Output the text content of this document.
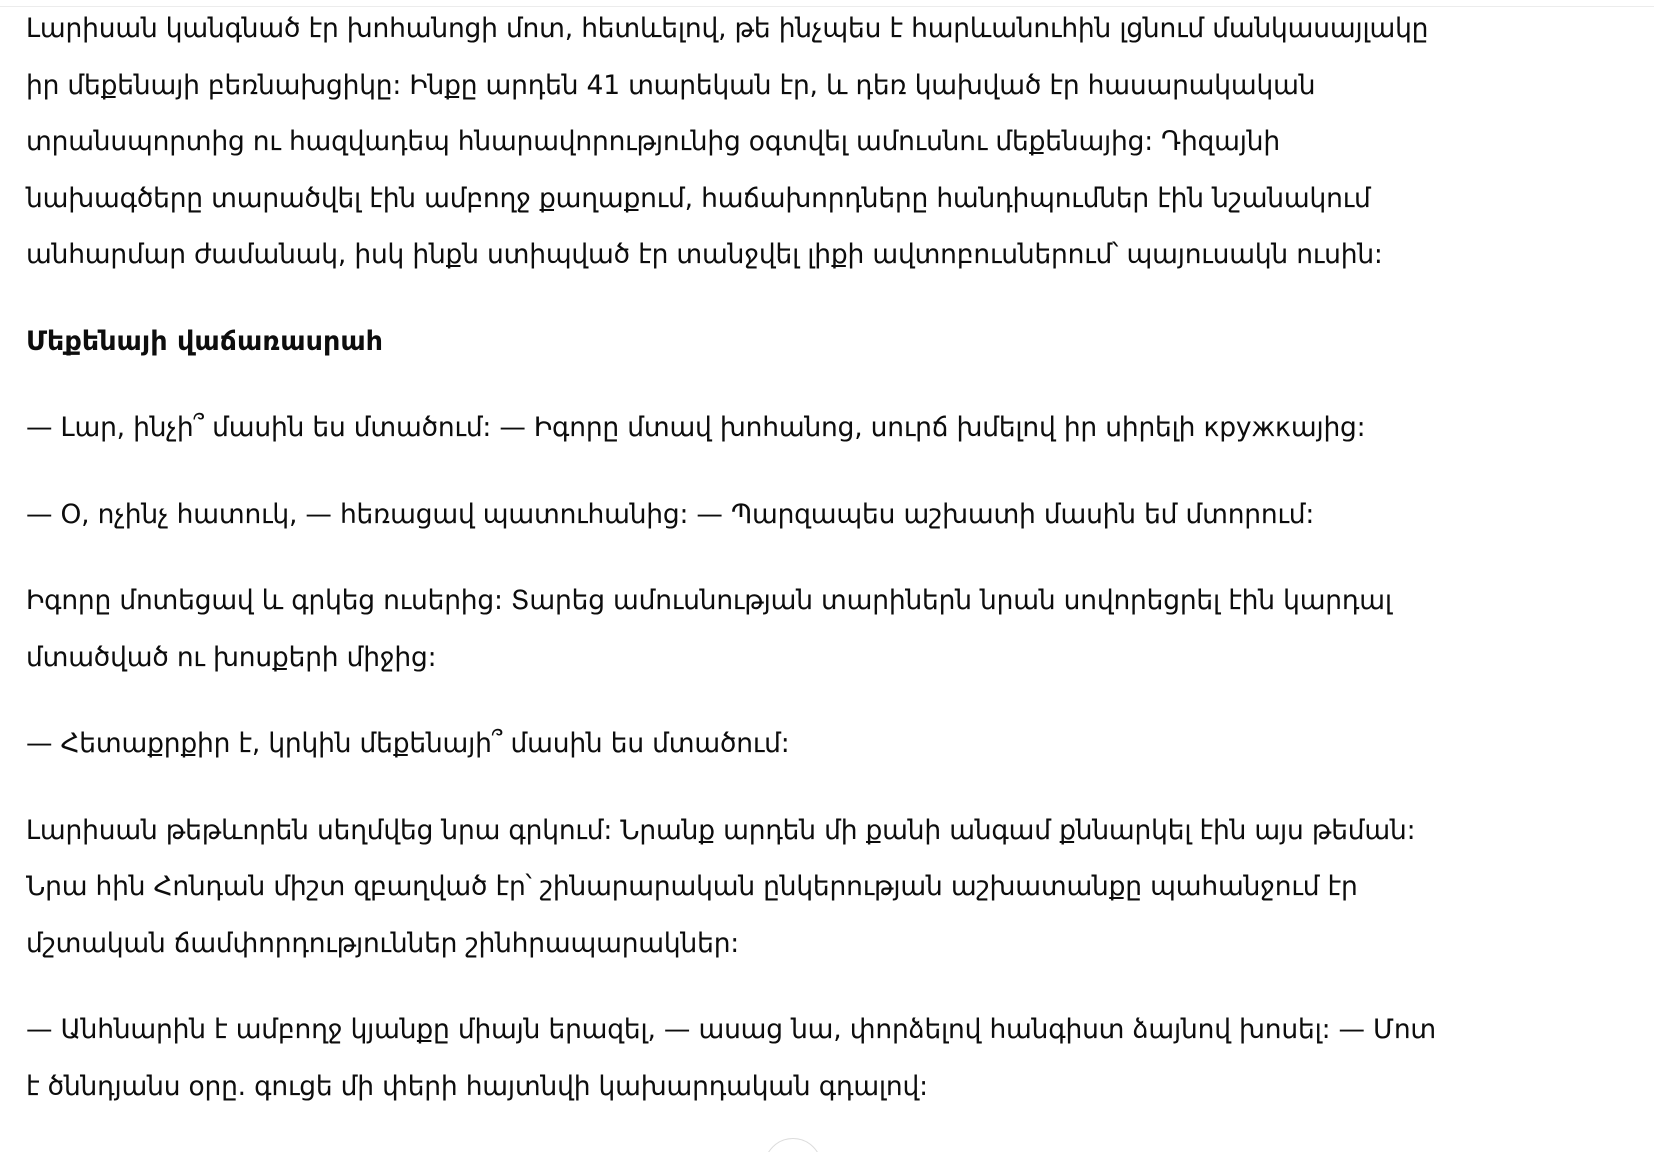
Լարիսան կանգնած էր խոհանոցի մոտ, հետևելով, թե ինչպես է հարևանուհին լցնում մանկասայլակը
իր մեքենայի բեռնախցիկը: Ինքը արդեն 41 տարեկան էր, և դեռ կախված էր հասարակական
տրանսպորտից ու հազվադեպ հնարավորությունից օգտվել ամուսնու մեքենայից: Դիզայնի
նախագծերը տարածվել էին ամբողջ քաղաքում, հաճախորդները հանդիպումներ էին նշանակում
անհարմար ժամանակ, իսկ ինքն ստիպված էր տանջվել լիքի ավտոբուսներում՝ պայուսակն ուսին:

Մեքենայի վաճառասրահ

— Լար, ինչի՞ մասին ես մտածում: — Իգորը մտավ խոհանոց, սուրճ խմելով իր սիրելի кружкայից:

— Օ, ոչինչ հատուկ, — հեռացավ պատուհանից: — Պարզապես աշխատի մասին եմ մտորում:

Իգորը մոտեցավ և գրկեց ուսերից: Տարեց ամուսնության տարիներն նրան սովորեցրել էին կարդալ
մտածված ու խոսքերի միջից:

— Հետաքրքիր է, կրկին մեքենայի՞ մասին ես մտածում:

Լարիսան թեթևորեն սեղմվեց նրա գրկում: Նրանք արդեն մի քանի անգամ քննարկել էին այս թեման:
Նրա հին Հոնդան միշտ զբաղված էր՝ շինարարական ընկերության աշխատանքը պահանջում էր
մշտական ճամփորդություններ շինհրապարակներ:

— Անհնարին է ամբողջ կյանքը միայն երազել, — ասաց նա, փորձելով հանգիստ ձայնով խոսել: — Մոտ
է ծննդյանս օրը. գուցե մի փերի հայտնվի կախարդական գդալով:
